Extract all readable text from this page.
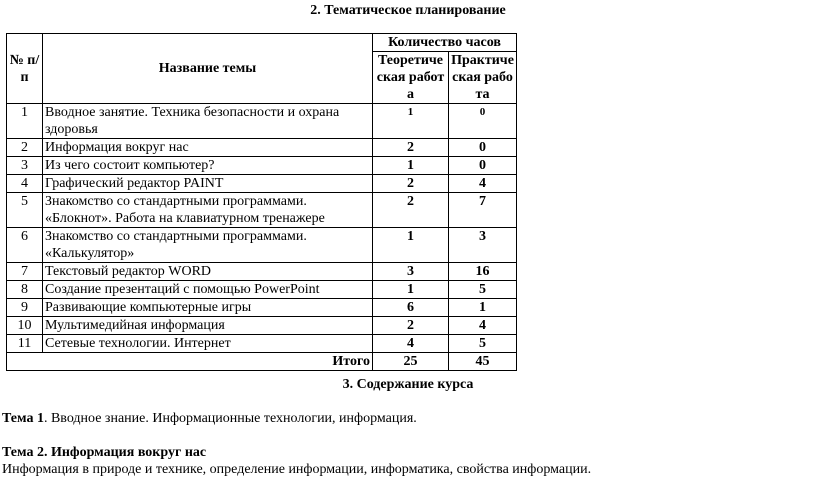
2. Тематическое планирование
№ п/п	Название темы	Количество часов	
		Теоретическая работа	Практическая работа
1	Вводное занятие. Техника безопасности и охрана здоровья	1	0
2	Информация вокруг нас	2	0
3	Из чего состоит компьютер?	1	0
4	Графический редактор PAINT	2	4
5	Знакомство со стандартными программами. «Блокнот». Работа на клавиатурном тренажере	2	7
6	Знакомство со стандартными программами. «Калькулятор»	1	3
7	Текстовый редактор WORD	3	16
8	Создание презентаций с помощью PowerPoint	1	5
9	Развивающие компьютерные игры	6	1
10	Мультимедийная информация	2	4
11	Сетевые технологии. Интернет	4	5
Итого		25	45
3. Содержание курса
Тема 1. Вводное знание. Информационные технологии, информация.
Тема 2. Информация вокруг нас
Информация в природе и технике, определение информации, информатика, свойства информации.
